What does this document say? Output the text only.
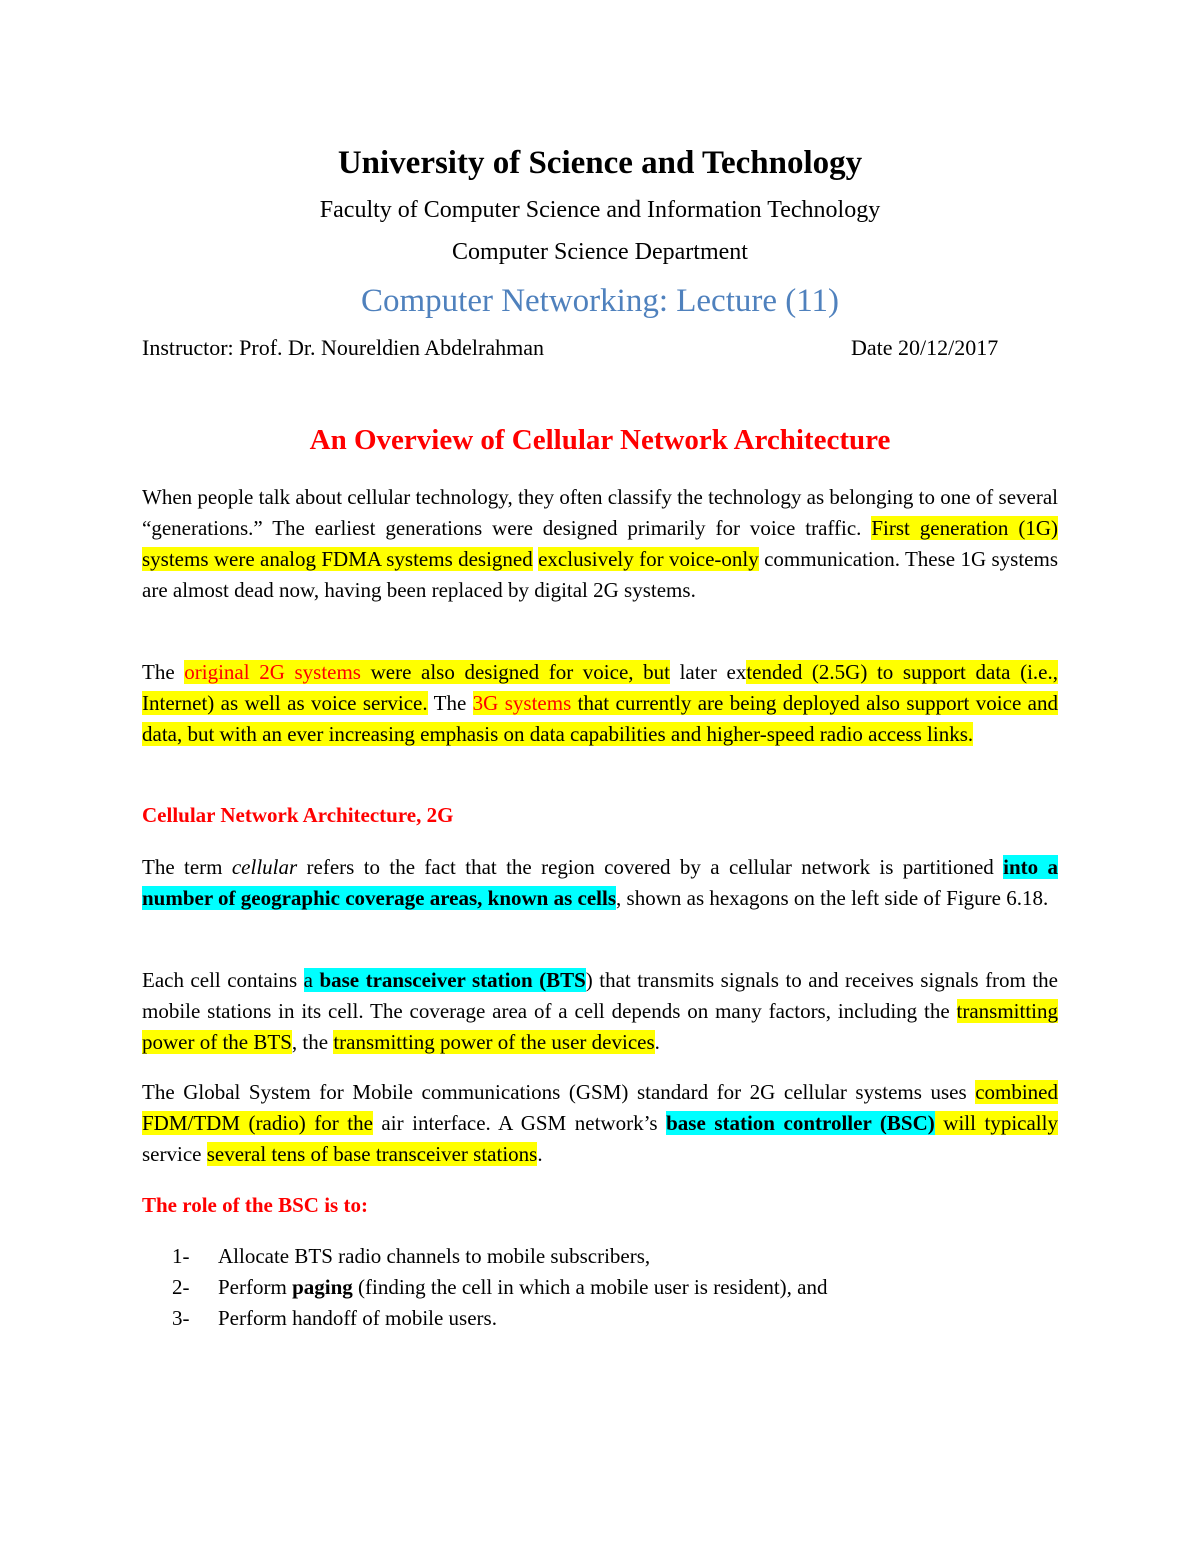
University of Science and Technology
Faculty of Computer Science and Information Technology
Computer Science Department
Computer Networking: Lecture (11)
Instructor: Prof. Dr. Noureldien Abdelrahman	Date 20/12/2017
An Overview of Cellular Network Architecture
When people talk about cellular technology, they often classify the technology as belonging to one of several “generations.” The earliest generations were designed primarily for voice traffic. First generation (1G) systems were analog FDMA systems designed exclusively for voice-only communication. These 1G systems are almost dead now, having been replaced by digital 2G systems.
The original 2G systems were also designed for voice, but later extended (2.5G) to support data (i.e., Internet) as well as voice service. The 3G systems that currently are being deployed also support voice and data, but with an ever increasing emphasis on data capabilities and higher-speed radio access links.
Cellular Network Architecture, 2G
The term cellular refers to the fact that the region covered by a cellular network is partitioned into a number of geographic coverage areas, known as cells, shown as hexagons on the left side of Figure 6.18.
Each cell contains a base transceiver station (BTS) that transmits signals to and receives signals from the mobile stations in its cell. The coverage area of a cell depends on many factors, including the transmitting power of the BTS, the transmitting power of the user devices.
The Global System for Mobile communications (GSM) standard for 2G cellular systems uses combined FDM/TDM (radio) for the air interface. A GSM network’s base station controller (BSC) will typically service several tens of base transceiver stations.
The role of the BSC is to:
1- Allocate BTS radio channels to mobile subscribers,
2- Perform paging (finding the cell in which a mobile user is resident), and
3- Perform handoff of mobile users.
